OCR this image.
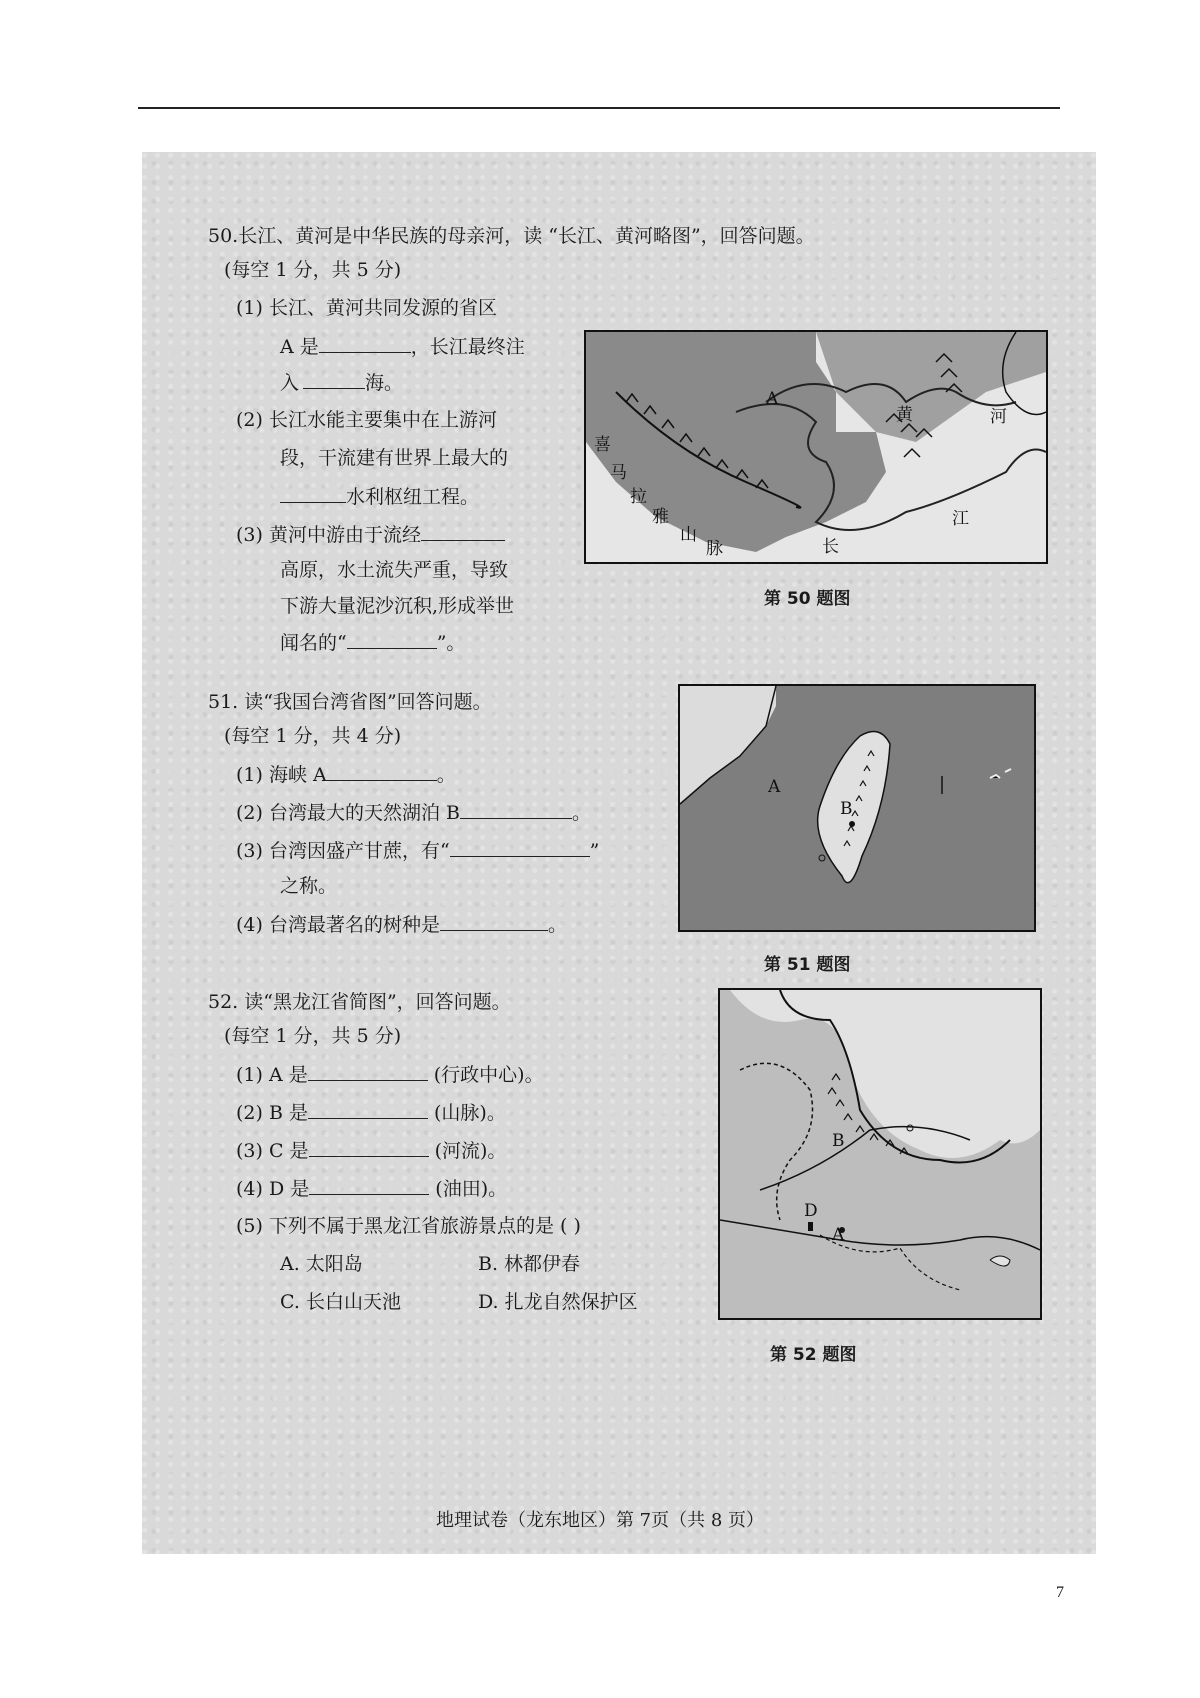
50.长江、黄河是中华民族的母亲河，读 “长江、黄河略图”，回答问题。
(每空 1 分，共 5 分)
(1) 长江、黄河共同发源的省区
A 是	，长江最终注
入	海。
(2) 长江水能主要集中在上游河
段，干流建有世界上最大的
水利枢纽工程。
(3) 黄河中游由于流经
高原，水土流失严重，导致
下游大量泥沙沉积,形成举世
闻名的“	”。
A
喜
马
拉
雅
山
脉
黄	河
江
长
第 50 题图
51. 读“我国台湾省图”回答问题。
(每空 1 分，共 4 分)
(1) 海峡 A	。
(2) 台湾最大的天然湖泊 B	。
(3) 台湾因盛产甘蔗，有“	”
之称。
(4) 台湾最著名的树种是	。
A
B
第 51 题图
52. 读“黑龙江省简图”，回答问题。
(每空 1 分，共 5 分)
(1) A 是	(行政中心)。
(2) B 是	(山脉)。
(3) C 是	(河流)。
(4) D 是	(油田)。
(5) 下列不属于黑龙江省旅游景点的是 ( )
A. 太阳岛	B. 林都伊春
C. 长白山天池	D. 扎龙自然保护区
B
D
A
第 52 题图
地理试卷（龙东地区）第 7页（共 8 页）
7
